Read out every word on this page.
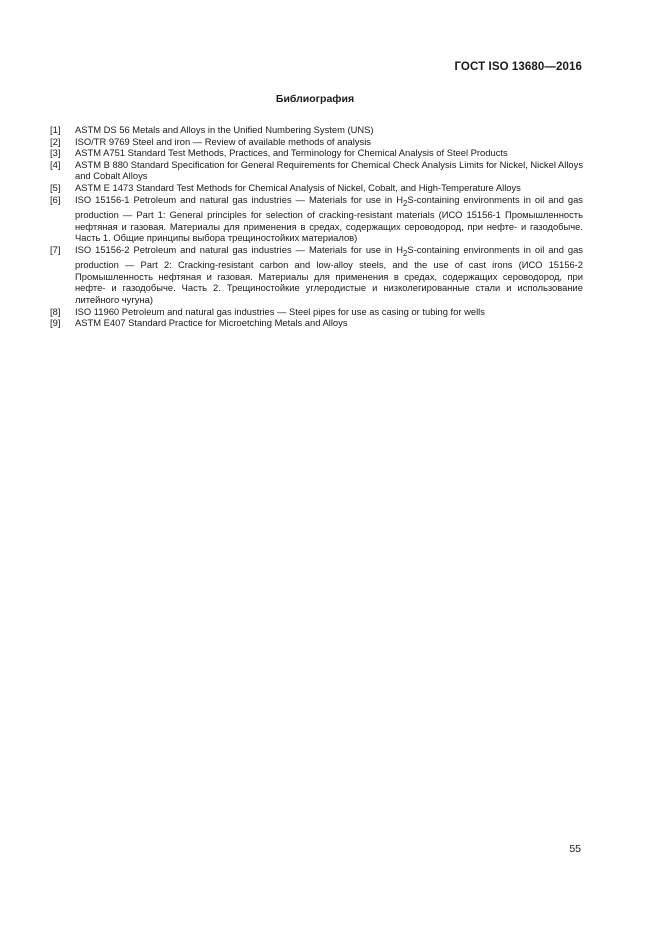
ГОСТ ISO 13680—2016
Библиография
[1]	ASTM DS 56 Metals and Alloys in the Unified Numbering System (UNS)
[2]	ISO/TR 9769 Steel and iron — Review of available methods of analysis
[3]	ASTM A751 Standard Test Methods, Practices, and Terminology for Chemical Analysis of Steel Products
[4]	ASTM B 880 Standard Specification for General Requirements for Chemical Check Analysis Limits for Nickel, Nickel Alloys and Cobalt Alloys
[5]	ASTM E 1473 Standard Test Methods for Chemical Analysis of Nickel, Cobalt, and High-Temperature Alloys
[6]	ISO 15156-1 Petroleum and natural gas industries — Materials for use in $H_2S$-containing environments in oil and gas production — Part 1: General principles for selection of cracking-resistant materials (ИСО 15156-1 Промышленность нефтяная и газовая. Материалы для применения в средах, содержащих сероводород, при нефте- и газодобыче. Часть 1. Общие принципы выбора трещиностойких материалов)
[7]	ISO 15156-2 Petroleum and natural gas industries — Materials for use in $H_2S$-containing environments in oil and gas production — Part 2: Cracking-resistant carbon and low-alloy steels, and the use of cast irons (ИСО 15156-2 Промышленность нефтяная и газовая. Материалы для применения в средах, содержащих сероводород, при нефте- и газодобыче. Часть 2. Трещиностойкие углеродистые и низколегированные стали и использование литейного чугуна)
[8]	ISO 11960 Petroleum and natural gas industries — Steel pipes for use as casing or tubing for wells
[9]	ASTM E407 Standard Practice for Microetching Metals and Alloys
55
